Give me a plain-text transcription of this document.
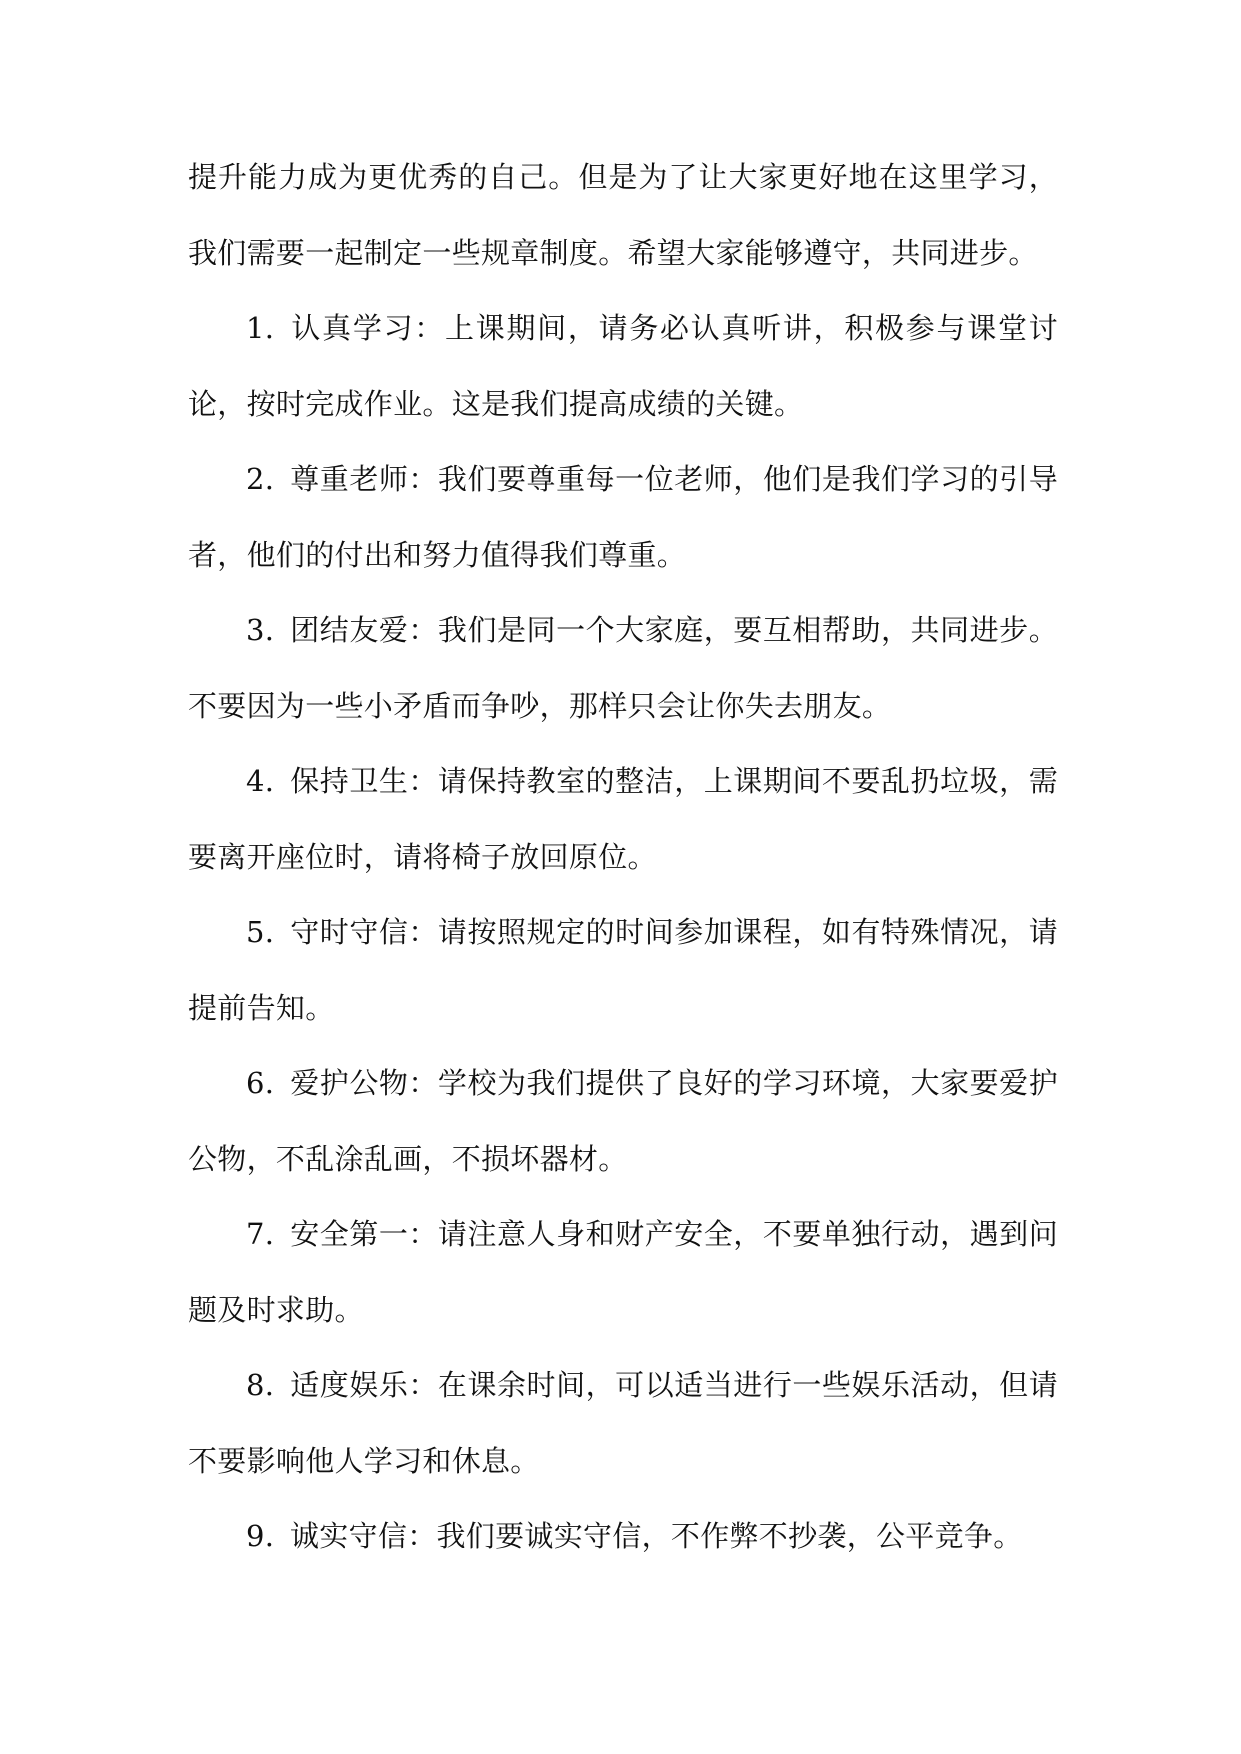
提升能力成为更优秀的自己。但是为了让大家更好地在这里学习，我们需要一起制定一些规章制度。希望大家能够遵守，共同进步。

1. 认真学习：上课期间，请务必认真听讲，积极参与课堂讨论，按时完成作业。这是我们提高成绩的关键。

2. 尊重老师：我们要尊重每一位老师，他们是我们学习的引导者，他们的付出和努力值得我们尊重。

3. 团结友爱：我们是同一个大家庭，要互相帮助，共同进步。不要因为一些小矛盾而争吵，那样只会让你失去朋友。

4. 保持卫生：请保持教室的整洁，上课期间不要乱扔垃圾，需要离开座位时，请将椅子放回原位。

5. 守时守信：请按照规定的时间参加课程，如有特殊情况，请提前告知。

6. 爱护公物：学校为我们提供了良好的学习环境，大家要爱护公物，不乱涂乱画，不损坏器材。

7. 安全第一：请注意人身和财产安全，不要单独行动，遇到问题及时求助。

8. 适度娱乐：在课余时间，可以适当进行一些娱乐活动，但请不要影响他人学习和休息。

9. 诚实守信：我们要诚实守信，不作弊不抄袭，公平竞争。
